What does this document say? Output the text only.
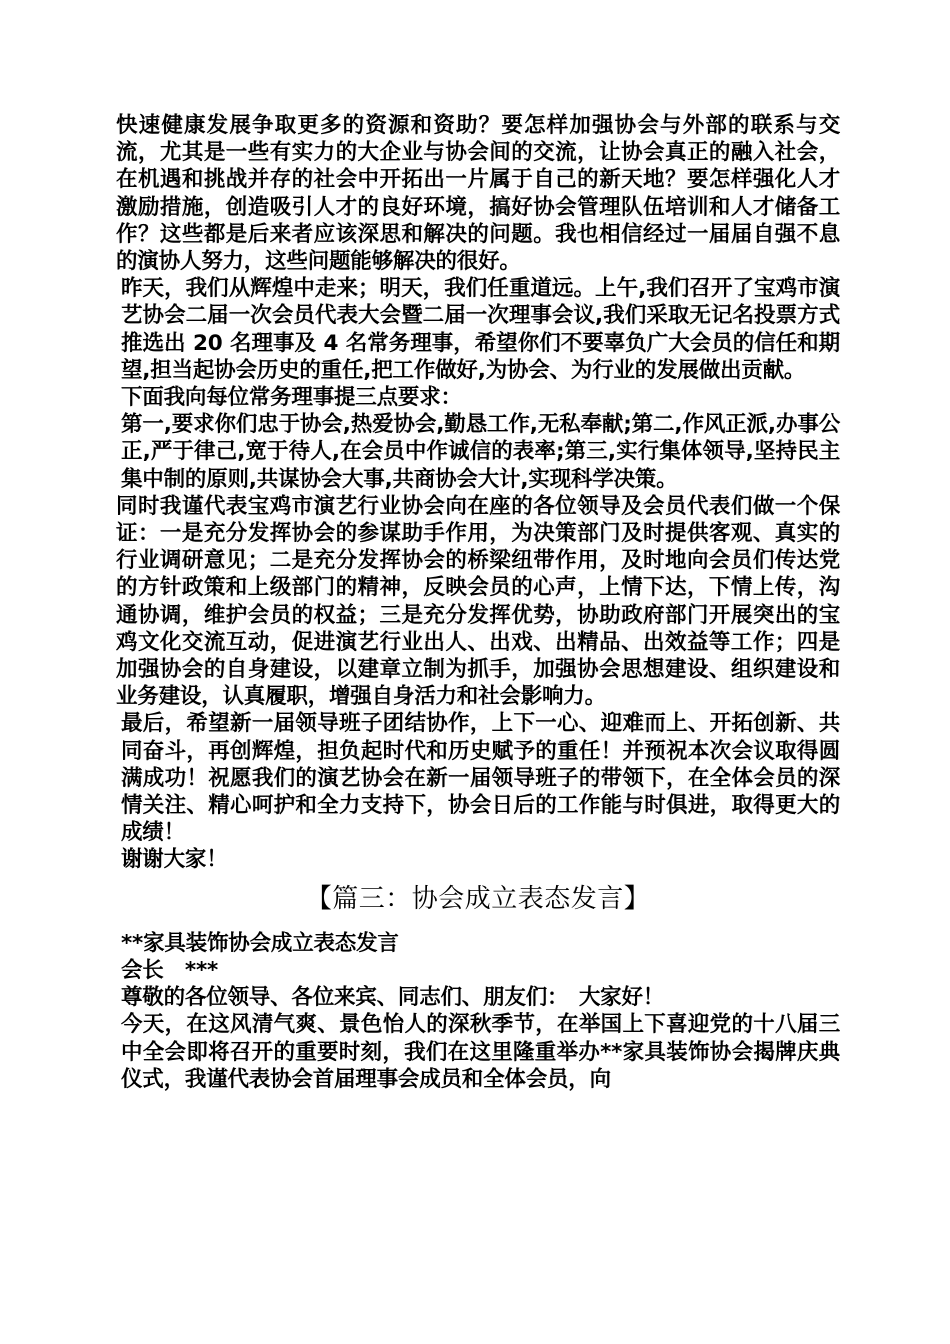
快速健康发展争取更多的资源和资助？要怎样加强协会与外部的联系与交流，尤其是一些有实力的大企业与协会间的交流，让协会真正的融入社会，在机遇和挑战并存的社会中开拓出一片属于自己的新天地？要怎样强化人才激励措施，创造吸引人才的良好环境，搞好协会管理队伍培训和人才储备工作？这些都是后来者应该深思和解决的问题。我也相信经过一届届自强不息的演协人努力，这些问题能够解决的很好。

昨天，我们从辉煌中走来；明天，我们任重道远。上午,我们召开了宝鸡市演艺协会二届一次会员代表大会暨二届一次理事会议,我们采取无记名投票方式推选出 20 名理事及 4 名常务理事，希望你们不要辜负广大会员的信任和期望,担当起协会历史的重任,把工作做好,为协会、为行业的发展做出贡献。

下面我向每位常务理事提三点要求：

第一,要求你们忠于协会,热爱协会,勤恳工作,无私奉献;第二,作风正派,办事公正,严于律己,宽于待人,在会员中作诚信的表率;第三,实行集体领导,坚持民主集中制的原则,共谋协会大事,共商协会大计,实现科学决策。

同时我谨代表宝鸡市演艺行业协会向在座的各位领导及会员代表们做一个保证：一是充分发挥协会的参谋助手作用，为决策部门及时提供客观、真实的行业调研意见；二是充分发挥协会的桥梁纽带作用，及时地向会员们传达党的方针政策和上级部门的精神，反映会员的心声，上情下达，下情上传，沟通协调，维护会员的权益；三是充分发挥优势，协助政府部门开展突出的宝鸡文化交流互动，促进演艺行业出人、出戏、出精品、出效益等工作；四是加强协会的自身建设，以建章立制为抓手，加强协会思想建设、组织建设和业务建设，认真履职，增强自身活力和社会影响力。

最后，希望新一届领导班子团结协作，上下一心、迎难而上、开拓创新、共同奋斗，再创辉煌，担负起时代和历史赋予的重任！并预祝本次会议取得圆满成功！祝愿我们的演艺协会在新一届领导班子的带领下，在全体会员的深情关注、精心呵护和全力支持下，协会日后的工作能与时俱进，取得更大的成绩！

谢谢大家！

【篇三：协会成立表态发言】

**家具装饰协会成立表态发言

会长　***

尊敬的各位领导、各位来宾、同志们、朋友们：　大家好！

今天，在这风清气爽、景色怡人的深秋季节，在举国上下喜迎党的十八届三中全会即将召开的重要时刻，我们在这里隆重举办**家具装饰协会揭牌庆典仪式，我谨代表协会首届理事会成员和全体会员，向
